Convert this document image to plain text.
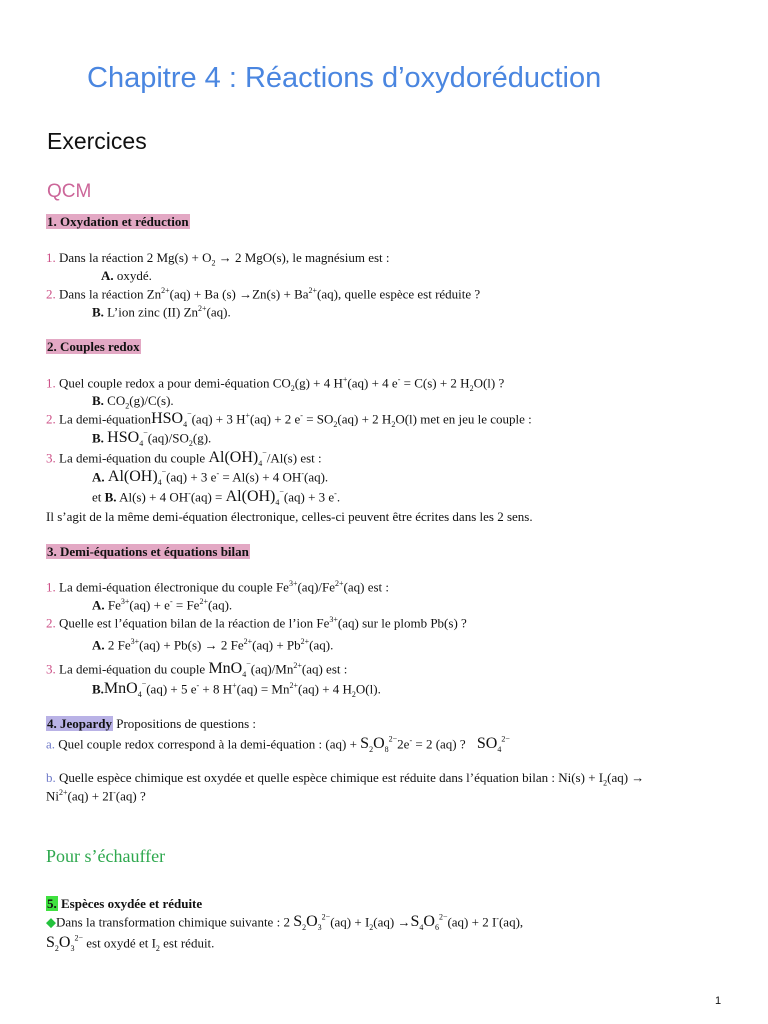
Chapitre 4 : Réactions d’oxydoréduction
Exercices
QCM
1. Oxydation et réduction
1. Dans la réaction 2 $Mg(s) + O_2 \to 2$ MgO(s), le magnésium est :
A. oxydé.
2. Dans la réaction $Zn^{2+}(aq) + Ba$ $(s) \to Zn(s) + Ba^{2+}(aq)$, quelle espèce est réduite ?
B. L’ion zinc (II) $Zn^{2+}(aq)$.
2. Couples redox
1. Quel couple redox a pour demi-équation $CO_2(g) + 4$ H+(aq) + 4 e- = C(s) + 2 $H_2O(l)$ ?
B. $CO_2(g)/C(s)$.
2. La demi-équationHSO$_4$−(aq) + 3 H+(aq) + 2 $e^- = SO_2(aq) + 2$ $H_2O(l)$ met en jeu le couple :
B. $HSO_4^-(aq)/SO_2(g)$.
3. La demi-équation du couple $Al(OH)_4^-/Al(s)$ est :
A. $Al(OH)_4^-(aq) + 3$ e- = Al(s) + 4 OH-(aq).
et B. Al(s) + 4 $OH^-(aq) = Al(OH)_4^-(aq) + 3$ e-.
Il s’agit de la même demi-équation électronique, celles-ci peuvent être écrites dans les 2 sens.
3. Demi-équations et équations bilan
1. La demi-équation électronique du couple $Fe^{3+}(aq)/Fe^{2+}(aq)$ est :
A. $Fe^{3+}(aq) + e^- = Fe^{2+}(aq)$.
2. Quelle est l’équation bilan de la réaction de l’ion $Fe^{3+}(aq)$ sur le plomb Pb(s) ?
A. 2 $Fe^{3+}(aq) + Pb(s) \to 2$ $Fe^{2+}(aq) + Pb^{2+}(aq)$.
3. La demi-équation du couple $MnO_4^-(aq)/Mn^{2+}(aq)$ est :
B.MnO$_4$−(aq) + 5 e- + 8 $H^+(aq) = Mn^{2+}(aq) + 4$ $H_2O(l)$.
4. Jeopardy Propositions de questions :
a. Quel couple redox correspond à la demi-équation : $(aq) + S_2O_8^{2-}2e^- = 2$ (aq) ? $SO_4^{2-}$
b. Quelle espèce chimique est oxydée et quelle espèce chimique est réduite dans l’équation bilan : $Ni(s) + I_2(aq)$ →
$Ni^{2+}(aq) + 2I^-(aq)$ ?
Pour s’échauffer
5. Espèces oxydée et réduite
◆Dans la transformation chimique suivante : 2 $S_2O_3^{2-}(aq) + I_2(aq) \to S_4O_6^{2-}(aq) + 2$ I-(aq),
$S_2O_3^{2-}$ est oxydé et $I_2$ est réduit.
1
